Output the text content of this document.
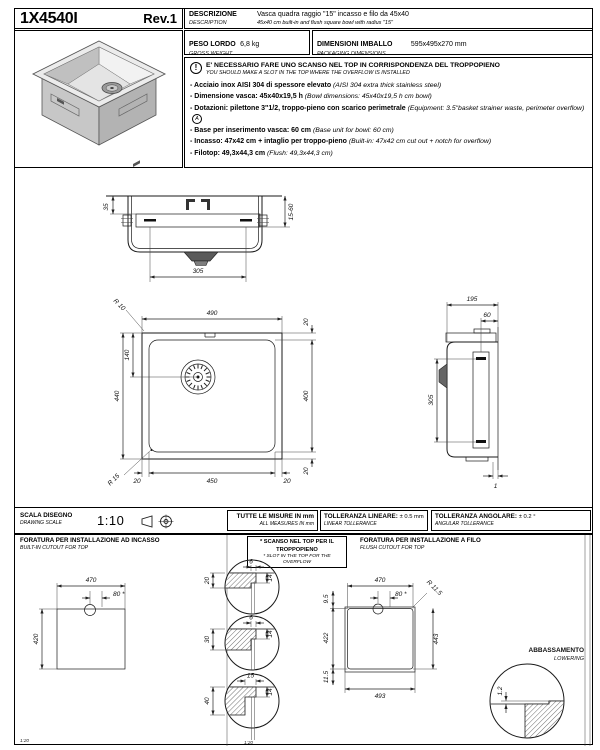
1X4540I	Rev.1 DESCRIZIONE	Vasca quadra raggio "15" incasso e filo da 45x40
DESCRIPTION	45x40 cm built-in and flush square bowl with radius "15"
PESO LORDO 6,8 kg
GROSS WEIGHT
DIMENSIONI IMBALLO	595x495x270 mm
PACKAGING DIMENSIONS
!	E' NECESSARIO FARE UNO SCANSO NEL TOP IN CORRISPONDENZA DEL TROPPOPIENO
YOU SHOULD MAKE A SLOT IN THE TOP WHERE THE OVERFLOW IS INSTALLED
- Acciaio inox AISI 304 di spessore elevato (AISI 304 extra thick stainless steel)
- Dimensione vasca: 45x40x19,5 h (Bowl dimensions: 45x40x19,5 h cm bowl)
- Dotazioni: pilettone 3"1/2, troppo-pieno con scarico perimetrale (Equipment: 3.5"basket strainer waste, perimeter overflow)A
- Base per inserimento vasca: 60 cm (Base unit for bowl: 60 cm)
- Incasso: 47x42 cm + intaglio per troppo-pieno (Built-in: 47x42 cm cut out + notch for overflow)
- Filotop: 49,3x44,3 cm (Flush: 49,3x44,3 cm)
35	15-60
305
490
440
140
20
400
20
20	450	20
R 10
R 15
195
60
305
1
SCALA DISEGNO
DRAWING SCALE	1:10	TUTTE LE MISURE IN mm
ALL MEASURES IN mm
TOLLERANZA LINEARE: ± 0.5 mm
LINEAR TOLLERANCE
TOLLERANZA ANGOLARE: ± 0.2 °
ANGULAR TOLLERANCE
FORATURA PER INSTALLAZIONE AD INCASSO
BUILT-IN CUTOUT FOR TOP
* SCANSO NEL TOP PER IL TROPPOPIENO
* SLOT IN THE TOP FOR THE OVERFLOW
FORATURA PER INSTALLAZIONE A FILO
FLUSH CUTOUT FOR TOP
470
80 *
420
1:20
6
14
20
6
14
30
15
14
40
1:20
470
80 *	R 11.5
443
493
9.5
422
11.5
ABBASSAMENTO
LOWERING
1.2
